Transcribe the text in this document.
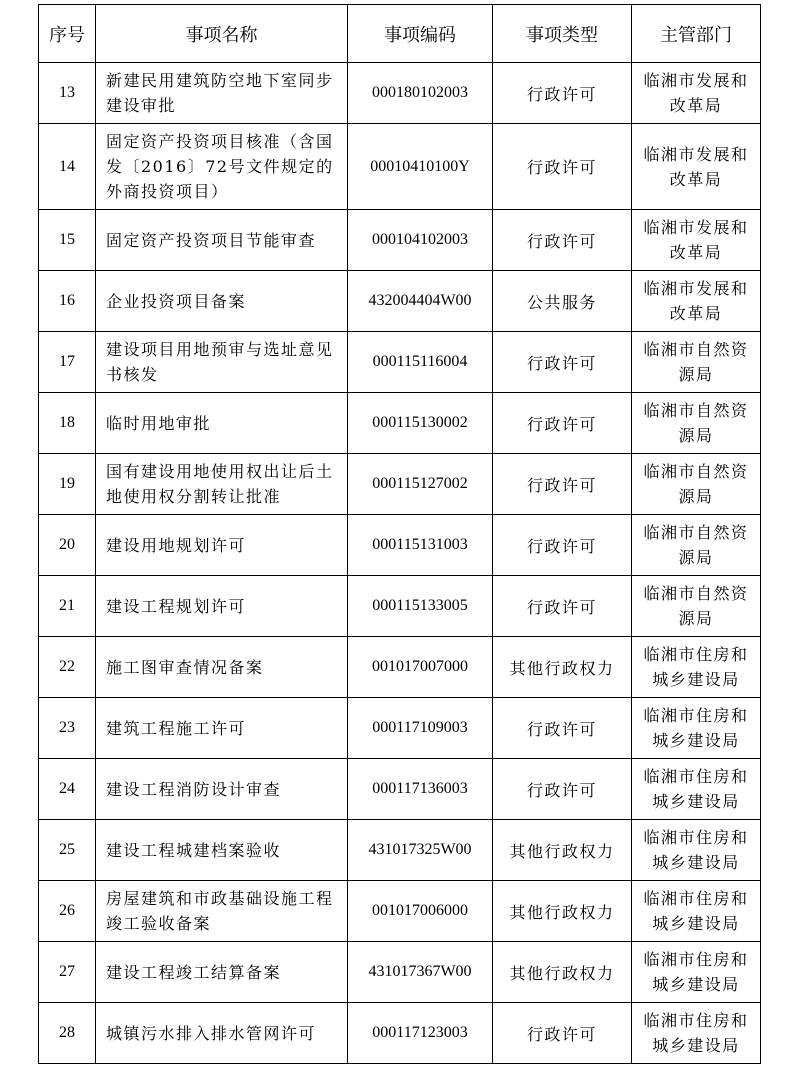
序号	事项名称	事项编码	事项类型	主管部门
13	新建民用建筑防空地下室同步建设审批	000180102003	行政许可	临湘市发展和改革局
14	固定资产投资项目核准（含国发〔2016〕72号文件规定的外商投资项目）	00010410100Y	行政许可	临湘市发展和改革局
15	固定资产投资项目节能审查	000104102003	行政许可	临湘市发展和改革局
16	企业投资项目备案	432004404W00	公共服务	临湘市发展和改革局
17	建设项目用地预审与选址意见书核发	000115116004	行政许可	临湘市自然资源局
18	临时用地审批	000115130002	行政许可	临湘市自然资源局
19	国有建设用地使用权出让后土地使用权分割转让批准	000115127002	行政许可	临湘市自然资源局
20	建设用地规划许可	000115131003	行政许可	临湘市自然资源局
21	建设工程规划许可	000115133005	行政许可	临湘市自然资源局
22	施工图审查情况备案	001017007000	其他行政权力	临湘市住房和城乡建设局
23	建筑工程施工许可	000117109003	行政许可	临湘市住房和城乡建设局
24	建设工程消防设计审查	000117136003	行政许可	临湘市住房和城乡建设局
25	建设工程城建档案验收	431017325W00	其他行政权力	临湘市住房和城乡建设局
26	房屋建筑和市政基础设施工程竣工验收备案	001017006000	其他行政权力	临湘市住房和城乡建设局
27	建设工程竣工结算备案	431017367W00	其他行政权力	临湘市住房和城乡建设局
28	城镇污水排入排水管网许可	000117123003	行政许可	临湘市住房和城乡建设局
